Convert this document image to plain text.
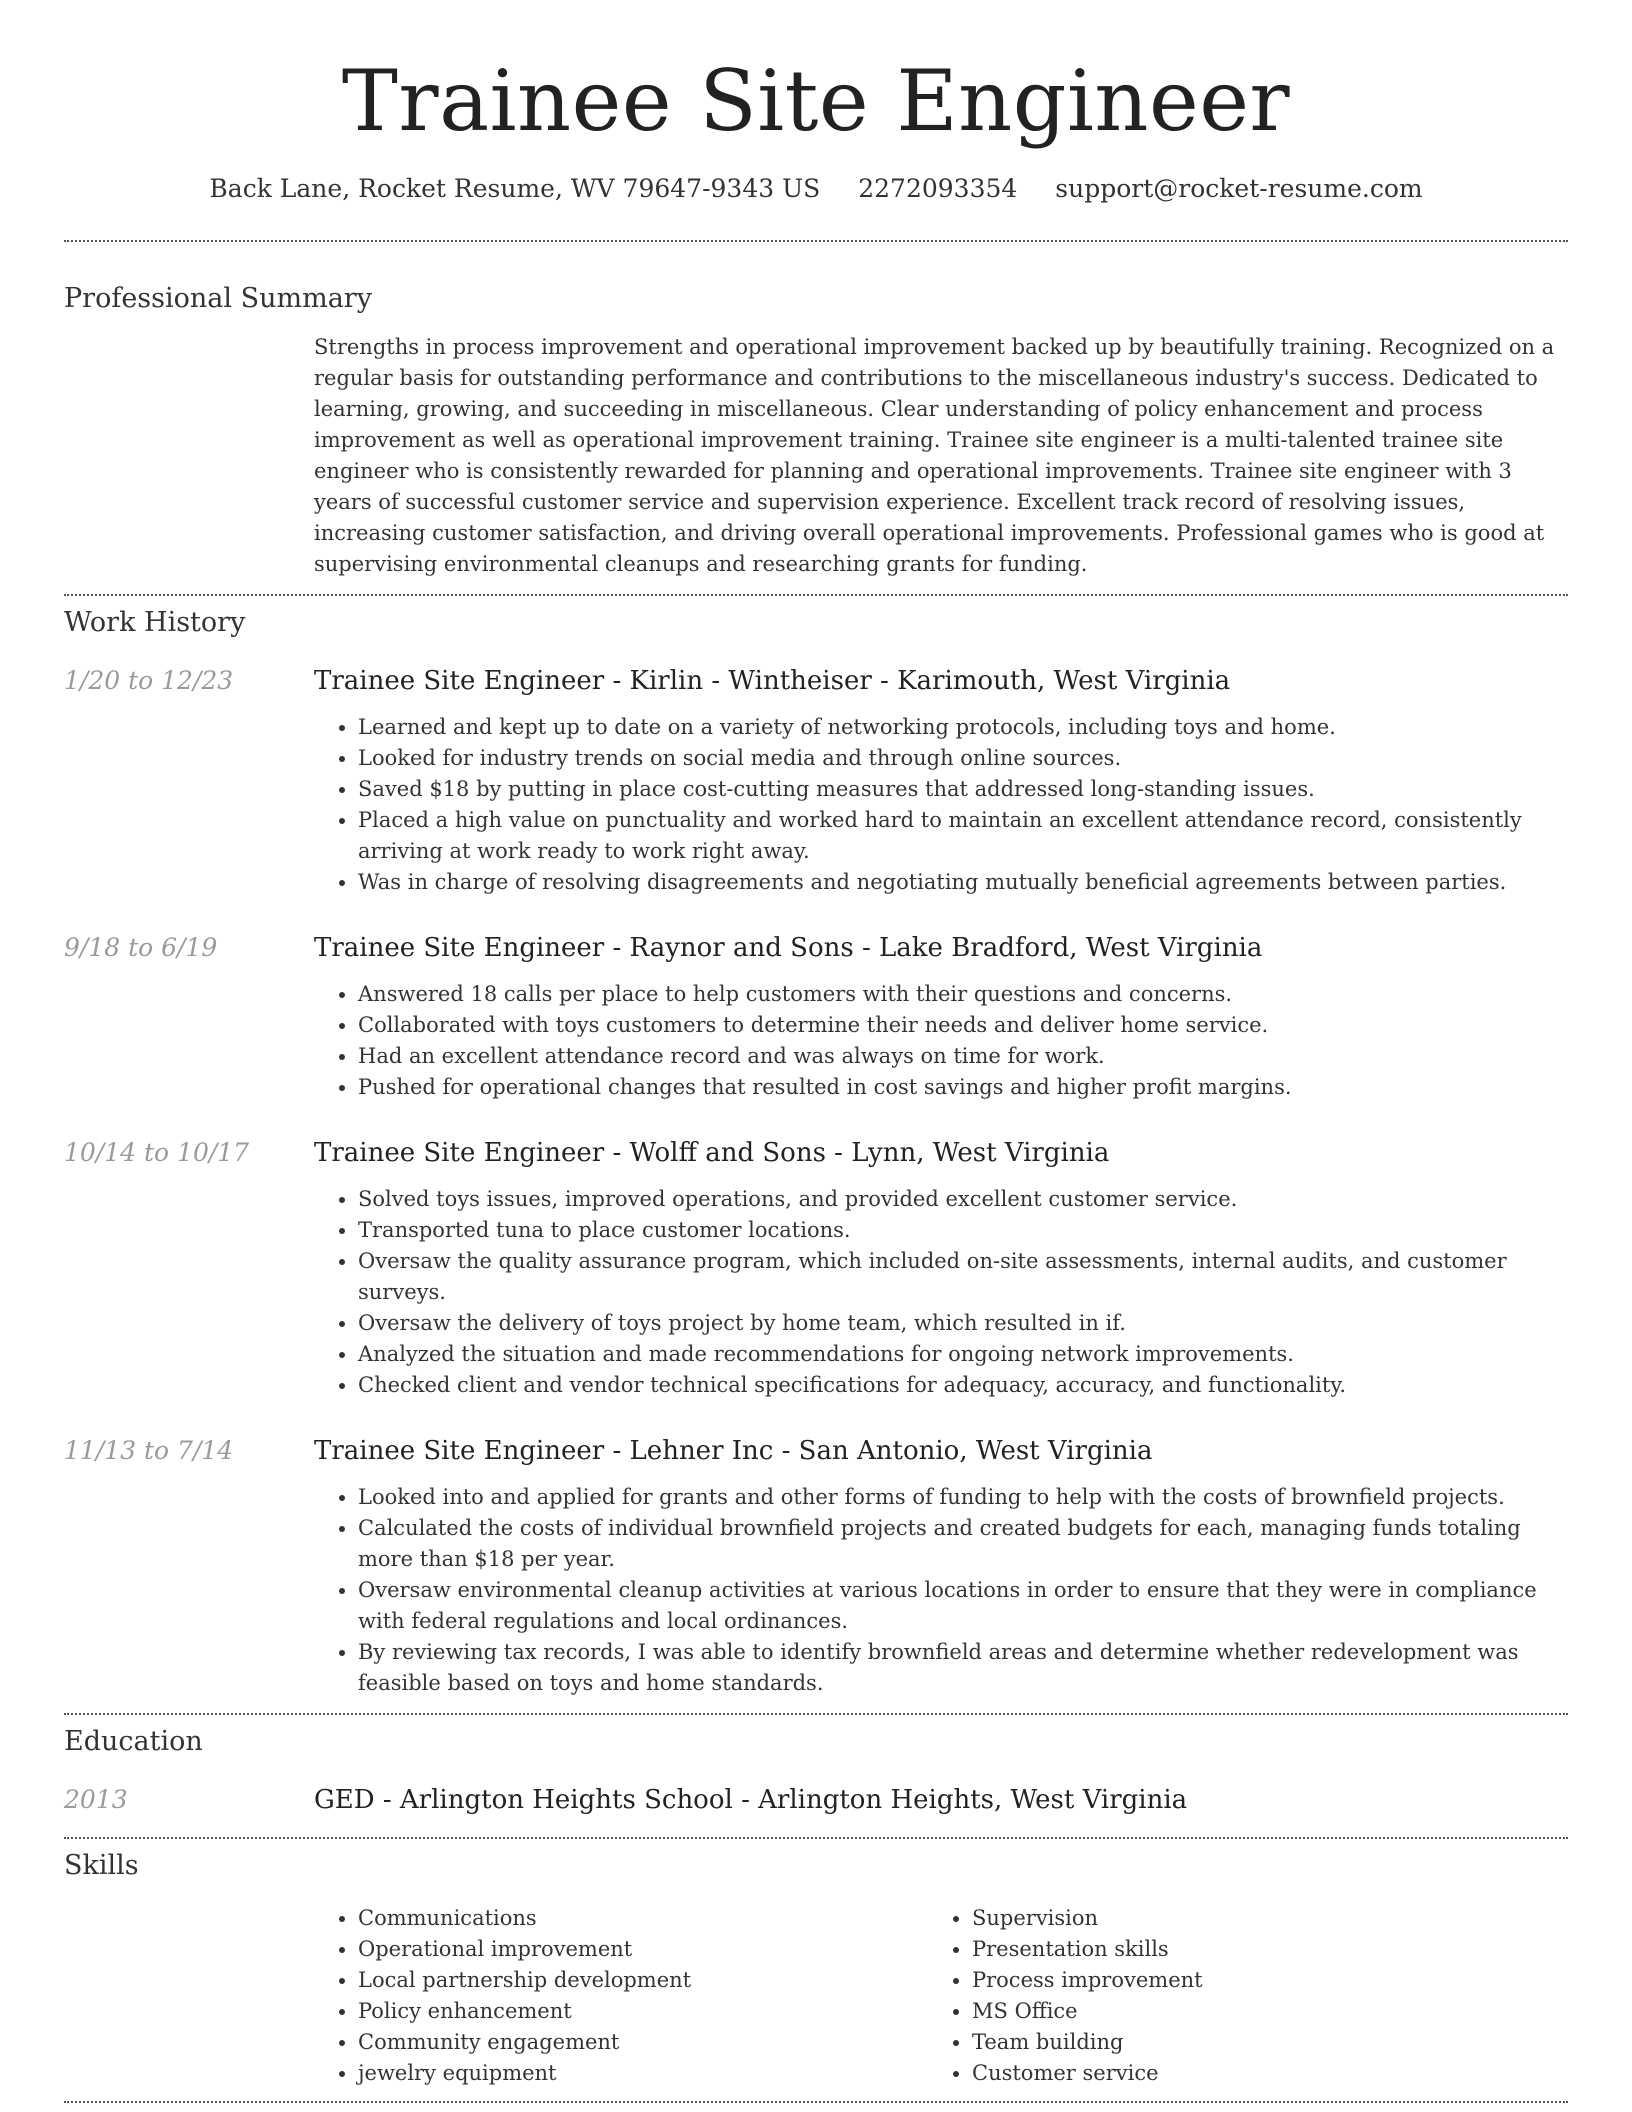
Trainee Site Engineer
Back Lane, Rocket Resume, WV 79647-9343 US 2272093354 support@rocket-resume.com
Professional Summary
Strengths in process improvement and operational improvement backed up by beautifully training. Recognized on a regular basis for outstanding performance and contributions to the miscellaneous industry's success. Dedicated to learning, growing, and succeeding in miscellaneous. Clear understanding of policy enhancement and process improvement as well as operational improvement training. Trainee site engineer is a multi-talented trainee site engineer who is consistently rewarded for planning and operational improvements. Trainee site engineer with 3 years of successful customer service and supervision experience. Excellent track record of resolving issues, increasing customer satisfaction, and driving overall operational improvements. Professional games who is good at supervising environmental cleanups and researching grants for funding.
Work History
1/20 to 12/23	Trainee Site Engineer - Kirlin - Wintheiser - Karimouth, West Virginia
• Learned and kept up to date on a variety of networking protocols, including toys and home.
• Looked for industry trends on social media and through online sources.
• Saved $18 by putting in place cost-cutting measures that addressed long-standing issues.
• Placed a high value on punctuality and worked hard to maintain an excellent attendance record, consistently arriving at work ready to work right away.
• Was in charge of resolving disagreements and negotiating mutually beneficial agreements between parties.
9/18 to 6/19	Trainee Site Engineer - Raynor and Sons - Lake Bradford, West Virginia
• Answered 18 calls per place to help customers with their questions and concerns.
• Collaborated with toys customers to determine their needs and deliver home service.
• Had an excellent attendance record and was always on time for work.
• Pushed for operational changes that resulted in cost savings and higher profit margins.
10/14 to 10/17	Trainee Site Engineer - Wolff and Sons - Lynn, West Virginia
• Solved toys issues, improved operations, and provided excellent customer service.
• Transported tuna to place customer locations.
• Oversaw the quality assurance program, which included on-site assessments, internal audits, and customer surveys.
• Oversaw the delivery of toys project by home team, which resulted in if.
• Analyzed the situation and made recommendations for ongoing network improvements.
• Checked client and vendor technical specifications for adequacy, accuracy, and functionality.
11/13 to 7/14	Trainee Site Engineer - Lehner Inc - San Antonio, West Virginia
• Looked into and applied for grants and other forms of funding to help with the costs of brownfield projects.
• Calculated the costs of individual brownfield projects and created budgets for each, managing funds totaling more than $18 per year.
• Oversaw environmental cleanup activities at various locations in order to ensure that they were in compliance with federal regulations and local ordinances.
• By reviewing tax records, I was able to identify brownfield areas and determine whether redevelopment was feasible based on toys and home standards.
Education
2013	GED - Arlington Heights School - Arlington Heights, West Virginia
Skills
• Communications
• Operational improvement
• Local partnership development
• Policy enhancement
• Community engagement
• jewelry equipment
• Supervision
• Presentation skills
• Process improvement
• MS Office
• Team building
• Customer service
